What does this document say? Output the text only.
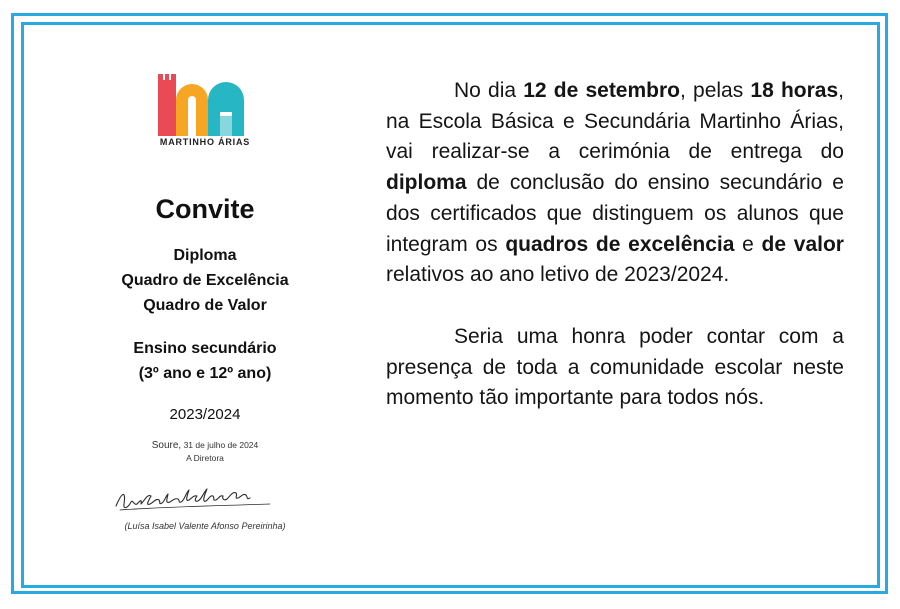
MARTINHO ÁRIAS
Convite
Diploma
Quadro de Excelência
Quadro de Valor
Ensino secundário
(3º ano e 12º ano)
2023/2024
Soure, 31 de julho de 2024
A Diretora
(Luísa Isabel Valente Afonso Pereirinha)

No dia 12 de setembro, pelas 18 horas, na Escola Básica e Secundária Martinho Árias, vai realizar-se a cerimónia de entrega do diploma de conclusão do ensino secundário e dos certificados que distinguem os alunos que integram os quadros de excelência e de valor relativos ao ano letivo de 2023/2024.

Seria uma honra poder contar com a presença de toda a comunidade escolar neste momento tão importante para todos nós.
